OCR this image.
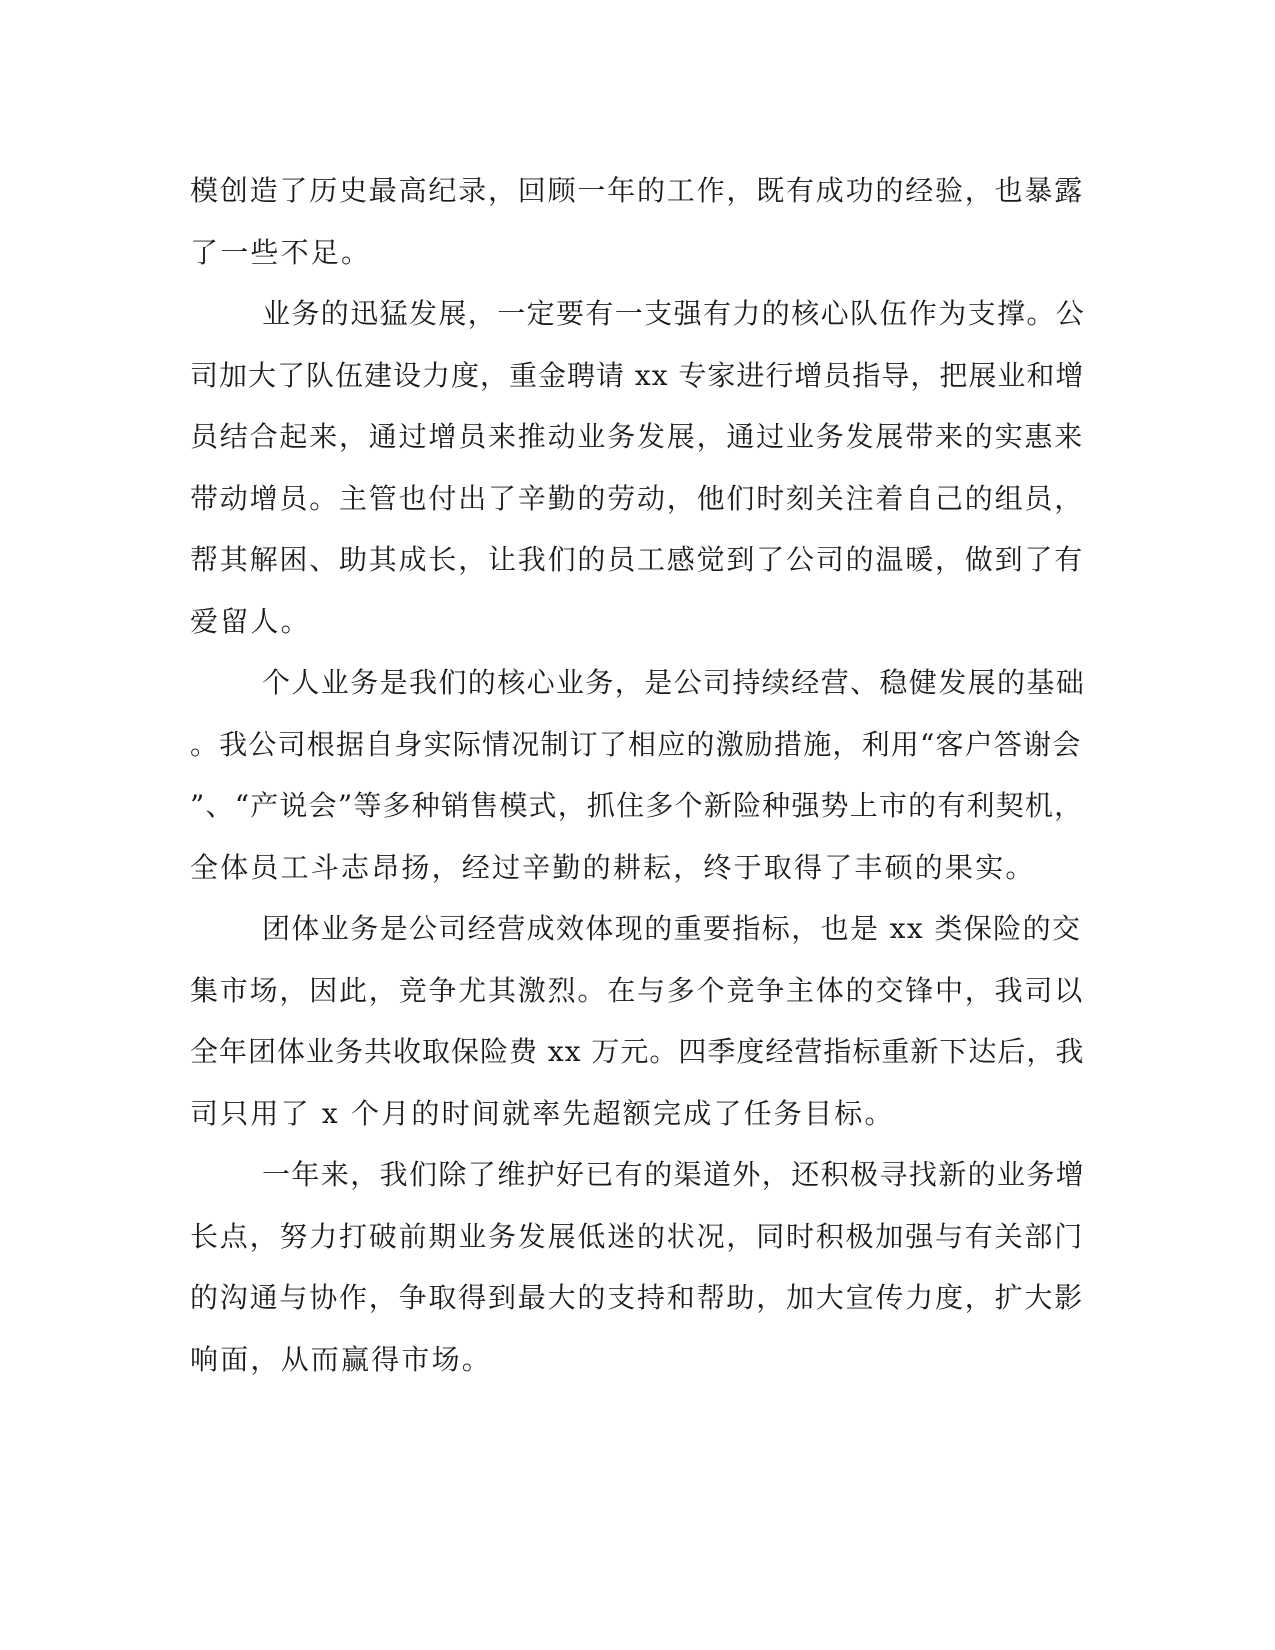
模创造了历史最高纪录，回顾一年的工作，既有成功的经验，也暴露
了一些不足。
业务的迅猛发展，一定要有一支强有力的核心队伍作为支撑。公
司加大了队伍建设力度，重金聘请 xx 专家进行增员指导，把展业和增
员结合起来，通过增员来推动业务发展，通过业务发展带来的实惠来
带动增员。主管也付出了辛勤的劳动，他们时刻关注着自己的组员，
帮其解困、助其成长，让我们的员工感觉到了公司的温暖，做到了有
爱留人。
个人业务是我们的核心业务，是公司持续经营、稳健发展的基础
。我公司根据自身实际情况制订了相应的激励措施，利用“客户答谢会
”、“产说会”等多种销售模式，抓住多个新险种强势上市的有利契机，
全体员工斗志昂扬，经过辛勤的耕耘，终于取得了丰硕的果实。
团体业务是公司经营成效体现的重要指标，也是 xx 类保险的交
集市场，因此，竞争尤其激烈。在与多个竞争主体的交锋中，我司以
全年团体业务共收取保险费 xx 万元。四季度经营指标重新下达后，我
司只用了 x 个月的时间就率先超额完成了任务目标。
一年来，我们除了维护好已有的渠道外，还积极寻找新的业务增
长点，努力打破前期业务发展低迷的状况，同时积极加强与有关部门
的沟通与协作，争取得到最大的支持和帮助，加大宣传力度，扩大影
响面，从而赢得市场。
